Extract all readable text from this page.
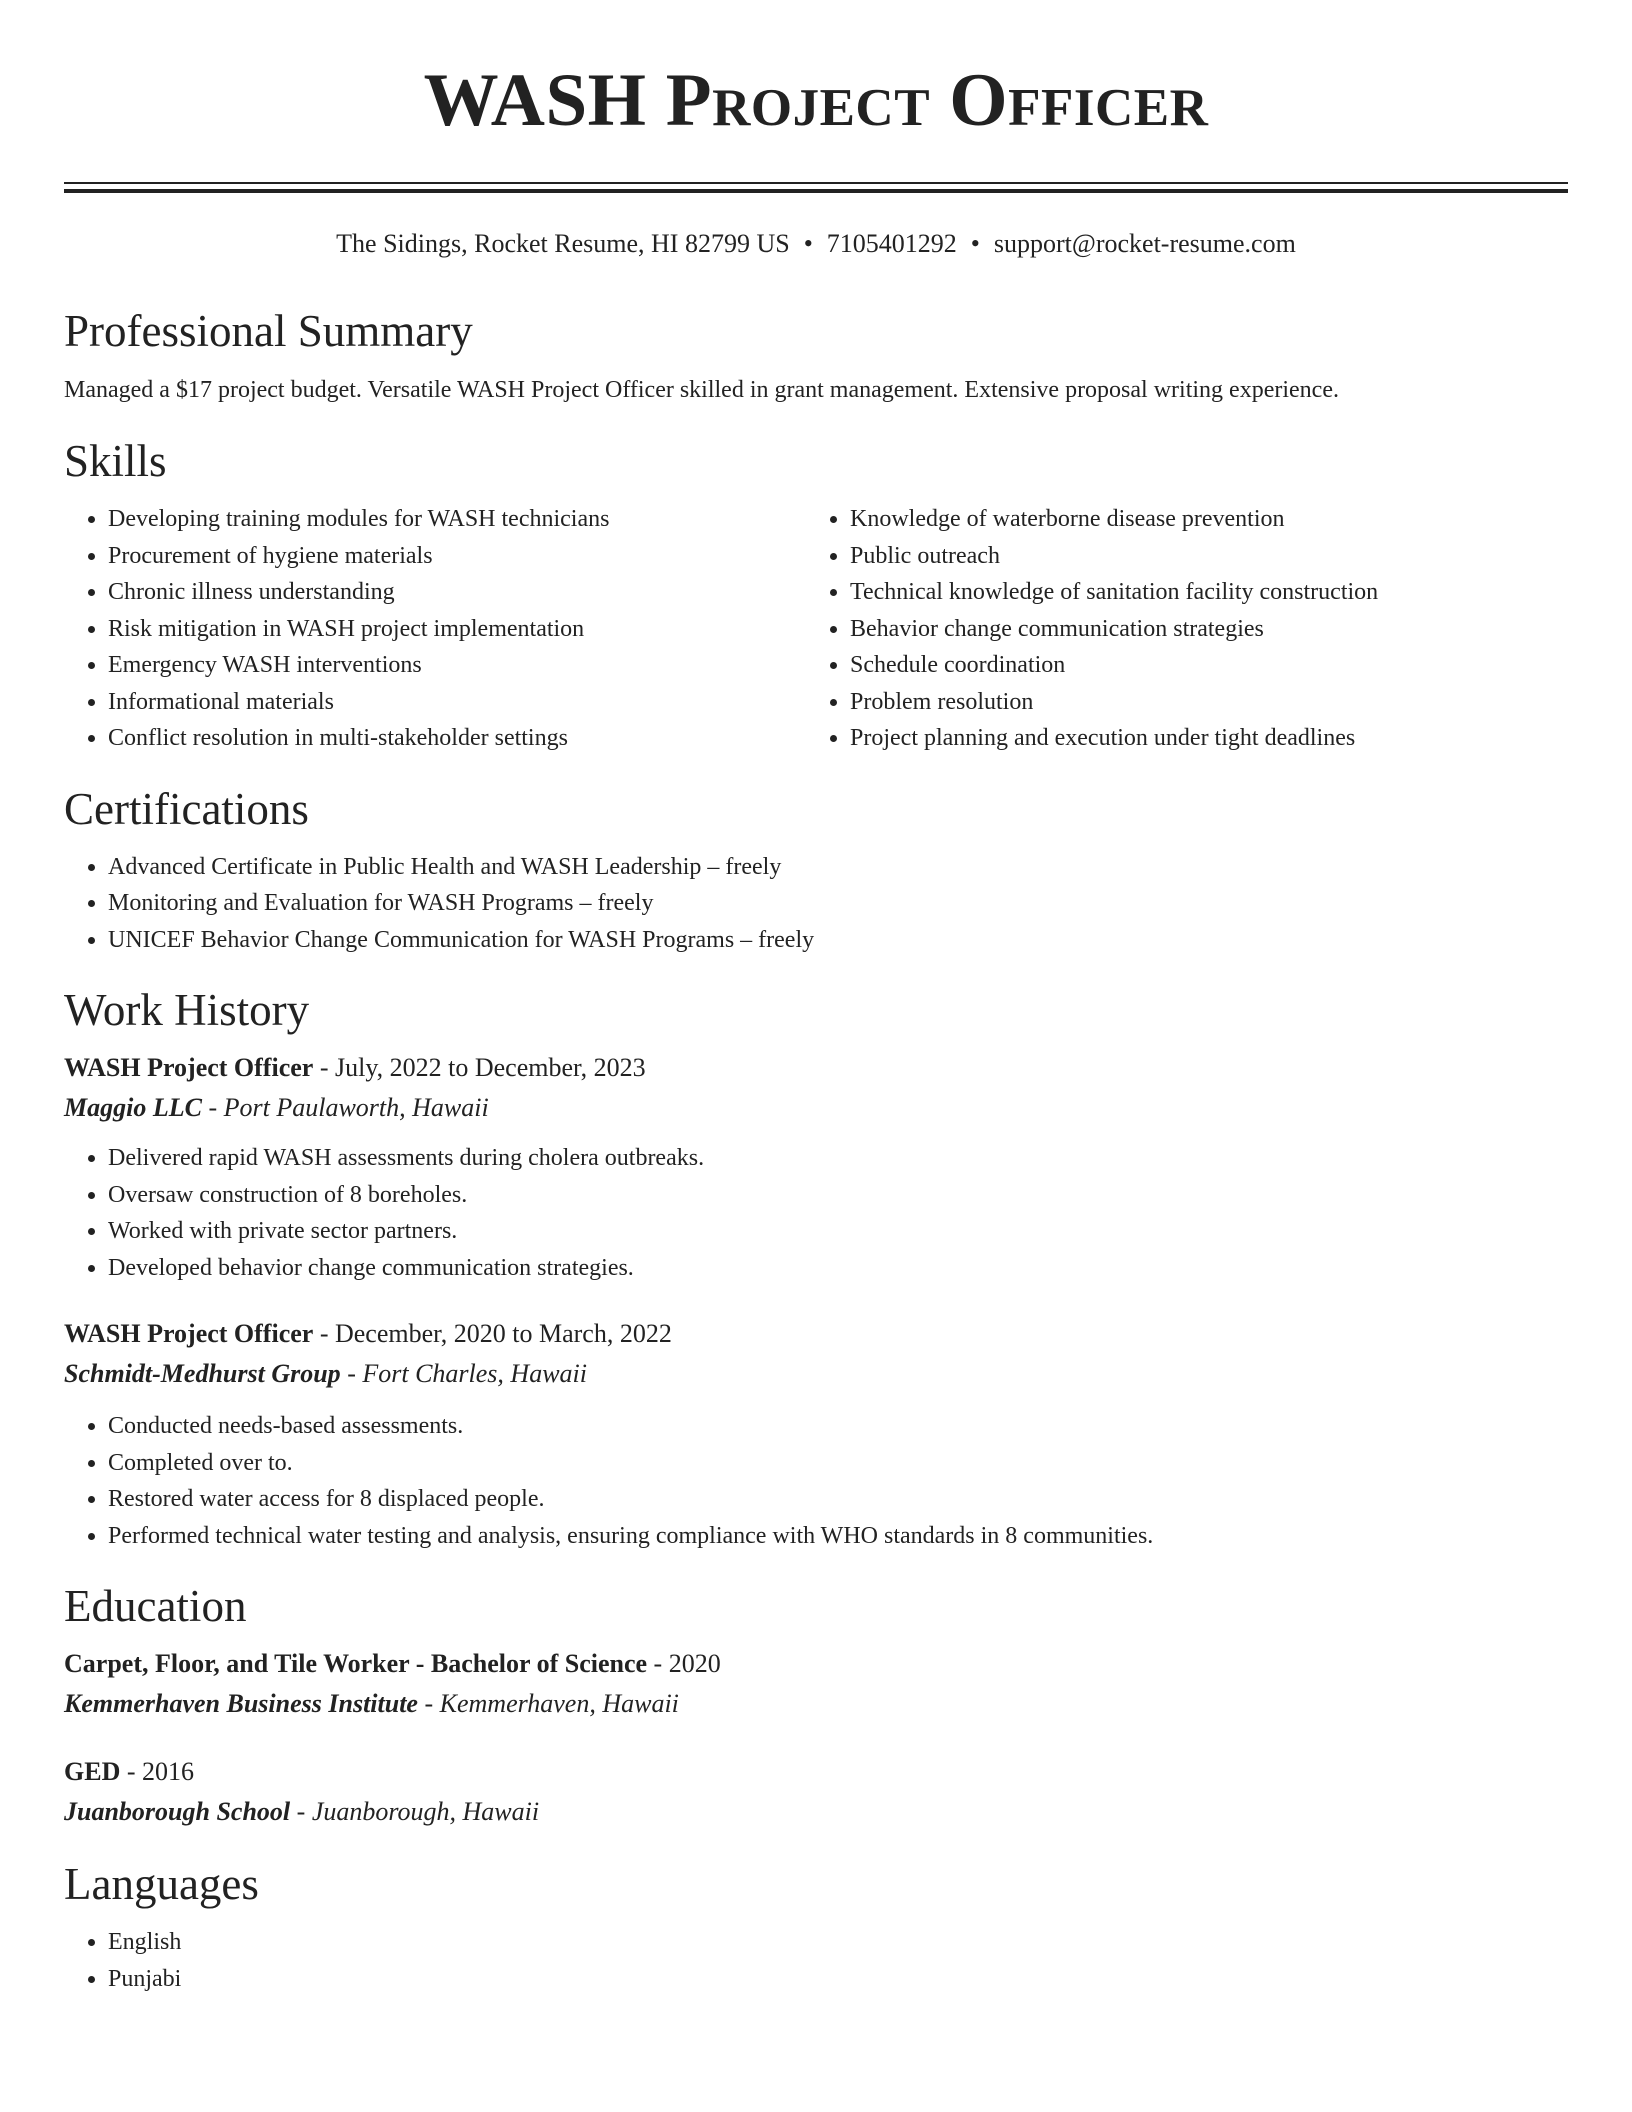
WASH Project Officer
The Sidings, Rocket Resume, HI 82799 US • 7105401292 • support@rocket-resume.com
Professional Summary

Managed a $17 project budget. Versatile WASH Project Officer skilled in grant management. Extensive proposal writing experience.

Skills
• Developing training modules for WASH technicians
• Procurement of hygiene materials
• Chronic illness understanding
• Risk mitigation in WASH project implementation
• Emergency WASH interventions
• Informational materials
• Conflict resolution in multi-stakeholder settings
• Knowledge of waterborne disease prevention
• Public outreach
• Technical knowledge of sanitation facility construction
• Behavior change communication strategies
• Schedule coordination
• Problem resolution
• Project planning and execution under tight deadlines
Certifications
• Advanced Certificate in Public Health and WASH Leadership – freely
• Monitoring and Evaluation for WASH Programs – freely
• UNICEF Behavior Change Communication for WASH Programs – freely
Work History
WASH Project Officer - July, 2022 to December, 2023
Maggio LLC - Port Paulaworth, Hawaii
• Delivered rapid WASH assessments during cholera outbreaks.
• Oversaw construction of 8 boreholes.
• Worked with private sector partners.
• Developed behavior change communication strategies.
WASH Project Officer - December, 2020 to March, 2022
Schmidt-Medhurst Group - Fort Charles, Hawaii
• Conducted needs-based assessments.
• Completed over to.
• Restored water access for 8 displaced people.
• Performed technical water testing and analysis, ensuring compliance with WHO standards in 8 communities.
Education
Carpet, Floor, and Tile Worker - Bachelor of Science - 2020
Kemmerhaven Business Institute - Kemmerhaven, Hawaii
GED - 2016
Juanborough School - Juanborough, Hawaii
Languages
• English
• Punjabi
